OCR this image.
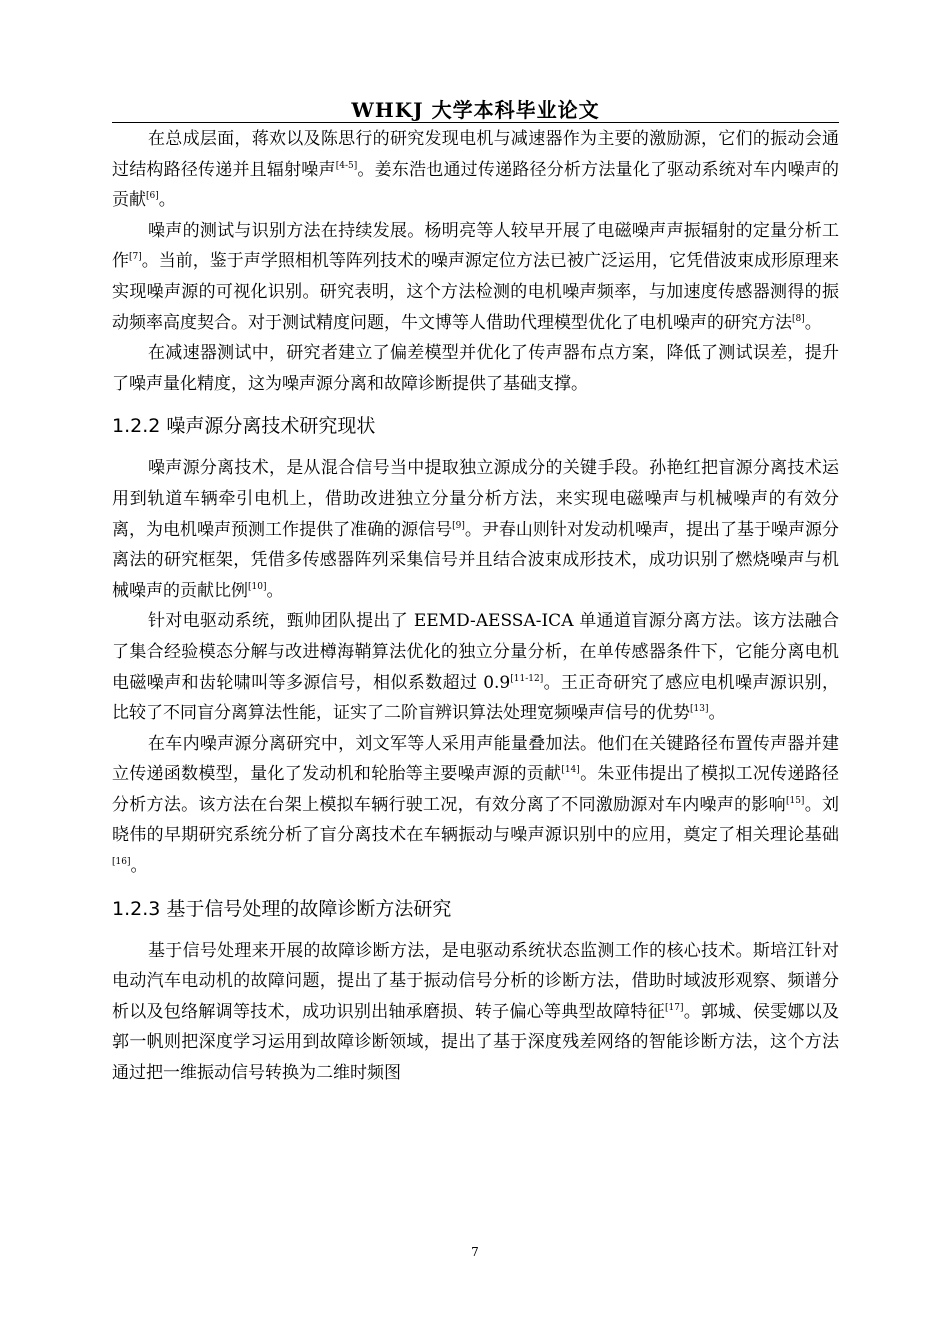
WHKJ 大学本科毕业论文

在总成层面，蒋欢以及陈思行的研究发现电机与减速器作为主要的激励源，它们的振动会通过结构路径传递并且辐射噪声[4-5]。姜东浩也通过传递路径分析方法量化了驱动系统对车内噪声的贡献[6]。

噪声的测试与识别方法在持续发展。杨明亮等人较早开展了电磁噪声声振辐射的定量分析工作[7]。当前，鉴于声学照相机等阵列技术的噪声源定位方法已被广泛运用，它凭借波束成形原理来实现噪声源的可视化识别。研究表明，这个方法检测的电机噪声频率，与加速度传感器测得的振动频率高度契合。对于测试精度问题，牛文博等人借助代理模型优化了电机噪声的研究方法[8]。

在减速器测试中，研究者建立了偏差模型并优化了传声器布点方案，降低了测试误差，提升了噪声量化精度，这为噪声源分离和故障诊断提供了基础支撑。

1.2.2 噪声源分离技术研究现状

噪声源分离技术，是从混合信号当中提取独立源成分的关键手段。孙艳红把盲源分离技术运用到轨道车辆牵引电机上，借助改进独立分量分析方法，来实现电磁噪声与机械噪声的有效分离，为电机噪声预测工作提供了准确的源信号[9]。尹春山则针对发动机噪声，提出了基于噪声源分离法的研究框架，凭借多传感器阵列采集信号并且结合波束成形技术，成功识别了燃烧噪声与机械噪声的贡献比例[10]。

针对电驱动系统，甄帅团队提出了 EEMD-AESSA-ICA 单通道盲源分离方法。该方法融合了集合经验模态分解与改进樽海鞘算法优化的独立分量分析，在单传感器条件下，它能分离电机电磁噪声和齿轮啸叫等多源信号，相似系数超过 0.9[11-12]。王正奇研究了感应电机噪声源识别，比较了不同盲分离算法性能，证实了二阶盲辨识算法处理宽频噪声信号的优势[13]。

在车内噪声源分离研究中，刘文军等人采用声能量叠加法。他们在关键路径布置传声器并建立传递函数模型，量化了发动机和轮胎等主要噪声源的贡献[14]。朱亚伟提出了模拟工况传递路径分析方法。该方法在台架上模拟车辆行驶工况，有效分离了不同激励源对车内噪声的影响[15]。刘晓伟的早期研究系统分析了盲分离技术在车辆振动与噪声源识别中的应用，奠定了相关理论基础[16]。

1.2.3 基于信号处理的故障诊断方法研究

基于信号处理来开展的故障诊断方法，是电驱动系统状态监测工作的核心技术。斯培江针对电动汽车电动机的故障问题，提出了基于振动信号分析的诊断方法，借助时域波形观察、频谱分析以及包络解调等技术，成功识别出轴承磨损、转子偏心等典型故障特征[17]。郭城、侯雯娜以及郭一帆则把深度学习运用到故障诊断领域，提出了基于深度残差网络的智能诊断方法，这个方法通过把一维振动信号转换为二维时频图

7
